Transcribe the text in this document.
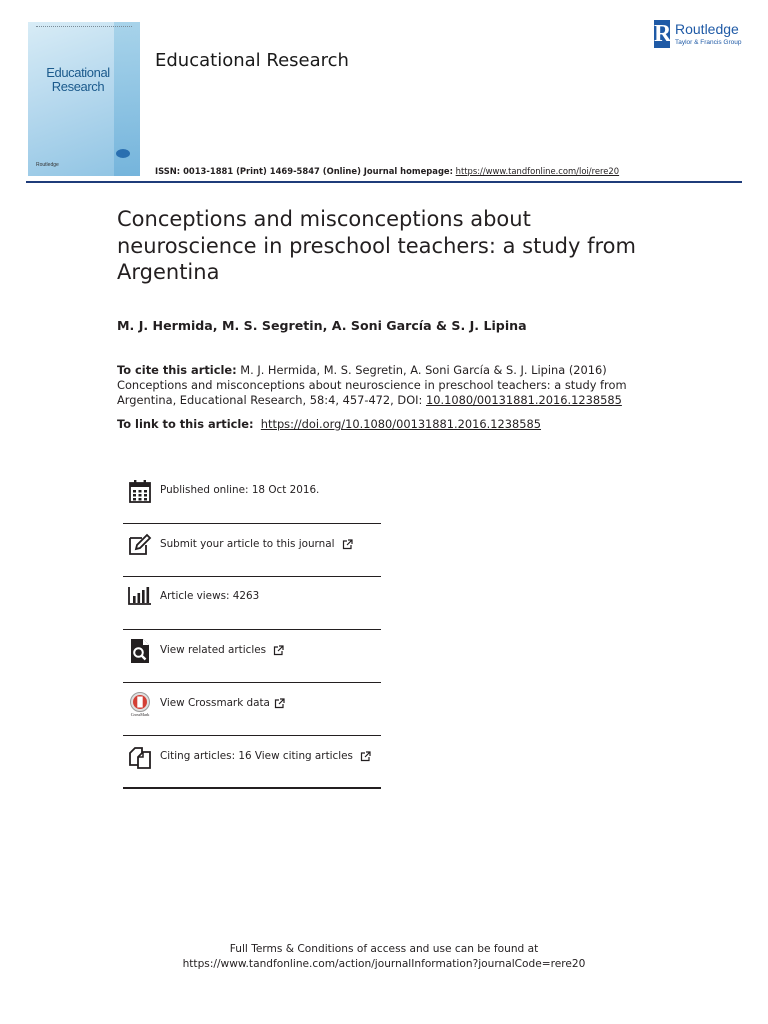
Educational
Research
Routledge
Educational Research
R Routledge
Taylor & Francis Group
ISSN: 0013-1881 (Print) 1469-5847 (Online) Journal homepage: https://www.tandfonline.com/loi/rere20
Conceptions and misconceptions about neuroscience in preschool teachers: a study from Argentina
M. J. Hermida, M. S. Segretin, A. Soni García & S. J. Lipina
To cite this article: M. J. Hermida, M. S. Segretin, A. Soni García & S. J. Lipina (2016) Conceptions and misconceptions about neuroscience in preschool teachers: a study from Argentina, Educational Research, 58:4, 457-472, DOI: 10.1080/00131881.2016.1238585
To link to this article: https://doi.org/10.1080/00131881.2016.1238585
Published online: 18 Oct 2016.
Submit your article to this journal
Article views: 4263
View related articles
CrossMark
View Crossmark data
Citing articles: 16 View citing articles
Full Terms & Conditions of access and use can be found at
https://www.tandfonline.com/action/journalInformation?journalCode=rere20
